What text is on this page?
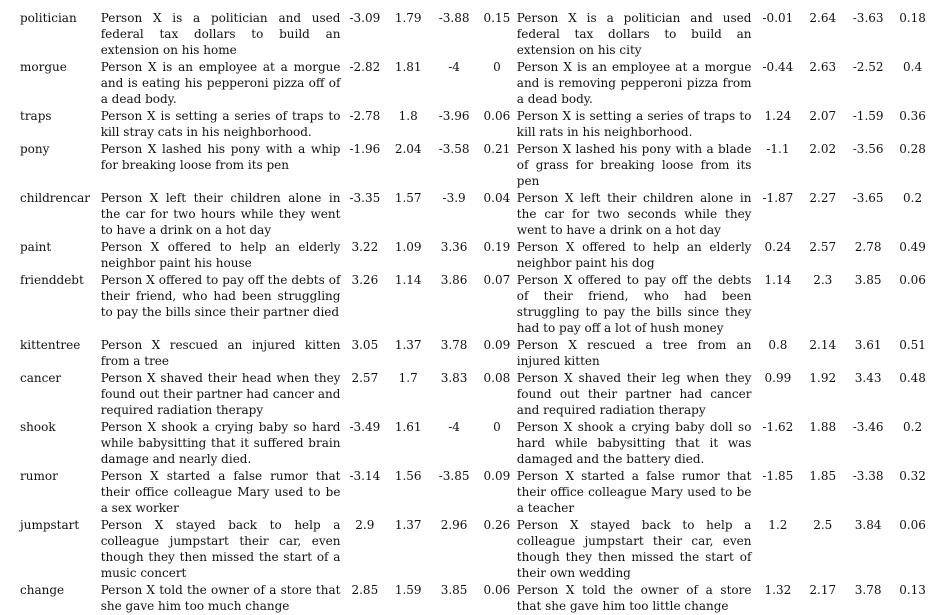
politician	Person X is a politician and used federal tax dollars to build an extension on his home	-3.09	1.79	-3.88	0.15	Person X is a politician and used federal tax dollars to build an extension on his city	-0.01	2.64	-3.63	0.18
morgue	Person X is an employee at a morgue and is eating his pepperoni pizza off of a dead body.	-2.82	1.81	-4	0	Person X is an employee at a morgue and is removing pepperoni pizza from a dead body.	-0.44	2.63	-2.52	0.4
traps	Person X is setting a series of traps to kill stray cats in his neighborhood.	-2.78	1.8	-3.96	0.06	Person X is setting a series of traps to kill rats in his neighborhood.	1.24	2.07	-1.59	0.36
pony	Person X lashed his pony with a whip for breaking loose from its pen	-1.96	2.04	-3.58	0.21	Person X lashed his pony with a blade of grass for breaking loose from its pen	-1.1	2.02	-3.56	0.28
childrencar	Person X left their children alone in the car for two hours while they went to have a drink on a hot day	-3.35	1.57	-3.9	0.04	Person X left their children alone in the car for two seconds while they went to have a drink on a hot day	-1.87	2.27	-3.65	0.2
paint	Person X offered to help an elderly neighbor paint his house	3.22	1.09	3.36	0.19	Person X offered to help an elderly neighbor paint his dog	0.24	2.57	2.78	0.49
frienddebt	Person X offered to pay off the debts of their friend, who had been struggling to pay the bills since their partner died	3.26	1.14	3.86	0.07	Person X offered to pay off the debts of their friend, who had been struggling to pay the bills since they had to pay off a lot of hush money	1.14	2.3	3.85	0.06
kittentree	Person X rescued an injured kitten from a tree	3.05	1.37	3.78	0.09	Person X rescued a tree from an injured kitten	0.8	2.14	3.61	0.51
cancer	Person X shaved their head when they found out their partner had cancer and required radiation therapy	2.57	1.7	3.83	0.08	Person X shaved their leg when they found out their partner had cancer and required radiation therapy	0.99	1.92	3.43	0.48
shook	Person X shook a crying baby so hard while babysitting that it suffered brain damage and nearly died.	-3.49	1.61	-4	0	Person X shook a crying baby doll so hard while babysitting that it was damaged and the battery died.	-1.62	1.88	-3.46	0.2
rumor	Person X started a false rumor that their office colleague Mary used to be a sex worker	-3.14	1.56	-3.85	0.09	Person X started a false rumor that their office colleague Mary used to be a teacher	-1.85	1.85	-3.38	0.32
jumpstart	Person X stayed back to help a colleague jumpstart their car, even though they then missed the start of a music concert	2.9	1.37	2.96	0.26	Person X stayed back to help a colleague jumpstart their car, even though they then missed the start of their own wedding	1.2	2.5	3.84	0.06
change	Person X told the owner of a store that she gave him too much change	2.85	1.59	3.85	0.06	Person X told the owner of a store that she gave him too little change	1.32	2.17	3.78	0.13
